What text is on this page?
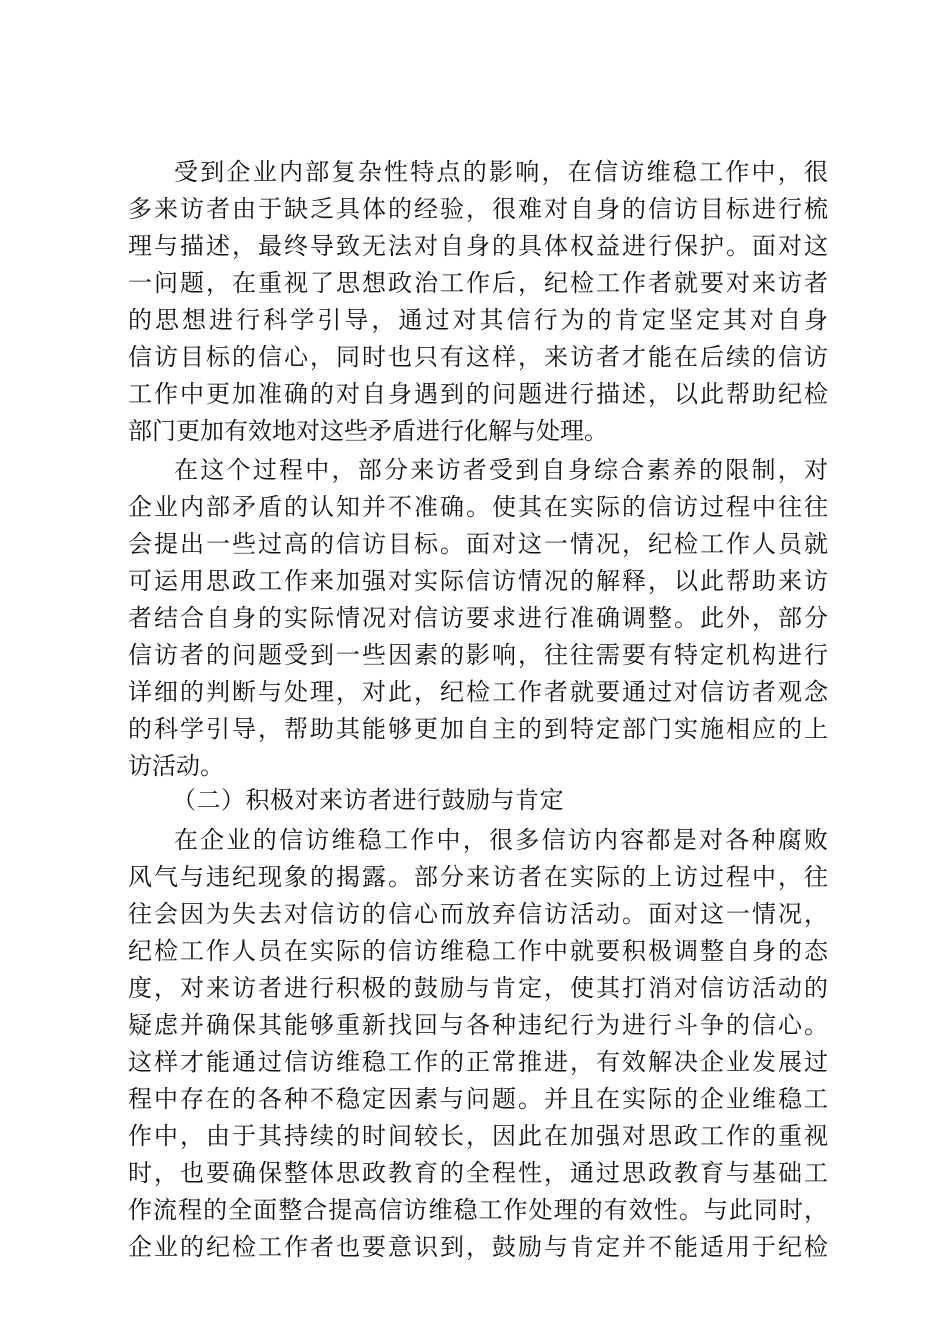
受到企业内部复杂性特点的影响，在信访维稳工作中，很
多来访者由于缺乏具体的经验，很难对自身的信访目标进行梳
理与描述，最终导致无法对自身的具体权益进行保护。面对这
一问题，在重视了思想政治工作后，纪检工作者就要对来访者
的思想进行科学引导，通过对其信行为的肯定坚定其对自身
信访目标的信心，同时也只有这样，来访者才能在后续的信访
工作中更加准确的对自身遇到的问题进行描述，以此帮助纪检
部门更加有效地对这些矛盾进行化解与处理。
在这个过程中，部分来访者受到自身综合素养的限制，对
企业内部矛盾的认知并不准确。使其在实际的信访过程中往往
会提出一些过高的信访目标。面对这一情况，纪检工作人员就
可运用思政工作来加强对实际信访情况的解释，以此帮助来访
者结合自身的实际情况对信访要求进行准确调整。此外，部分
信访者的问题受到一些因素的影响，往往需要有特定机构进行
详细的判断与处理，对此，纪检工作者就要通过对信访者观念
的科学引导，帮助其能够更加自主的到特定部门实施相应的上
访活动。
（二）积极对来访者进行鼓励与肯定
在企业的信访维稳工作中，很多信访内容都是对各种腐败
风气与违纪现象的揭露。部分来访者在实际的上访过程中，往
往会因为失去对信访的信心而放弃信访活动。面对这一情况，
纪检工作人员在实际的信访维稳工作中就要积极调整自身的态
度，对来访者进行积极的鼓励与肯定，使其打消对信访活动的
疑虑并确保其能够重新找回与各种违纪行为进行斗争的信心。
这样才能通过信访维稳工作的正常推进，有效解决企业发展过
程中存在的各种不稳定因素与问题。并且在实际的企业维稳工
作中，由于其持续的时间较长，因此在加强对思政工作的重视
时，也要确保整体思政教育的全程性，通过思政教育与基础工
作流程的全面整合提高信访维稳工作处理的有效性。与此同时，
企业的纪检工作者也要意识到，鼓励与肯定并不能适用于纪检
